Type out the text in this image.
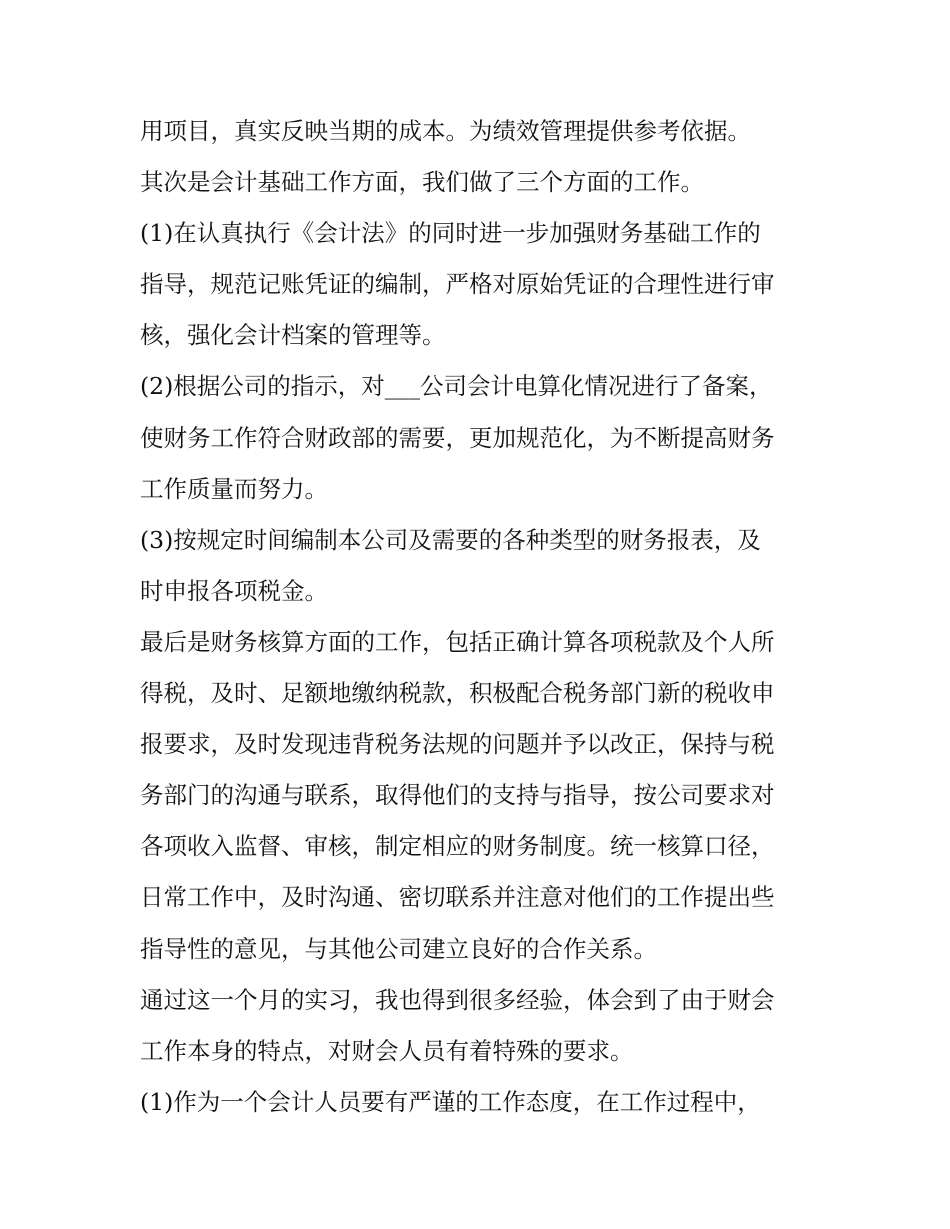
用项目，真实反映当期的成本。为绩效管理提供参考依据。
其次是会计基础工作方面，我们做了三个方面的工作。
(1)在认真执行《会计法》的同时进一步加强财务基础工作的
指导，规范记账凭证的编制，严格对原始凭证的合理性进行审
核，强化会计档案的管理等。
(2)根据公司的指示，对___公司会计电算化情况进行了备案，
使财务工作符合财政部的需要，更加规范化，为不断提高财务
工作质量而努力。
(3)按规定时间编制本公司及需要的各种类型的财务报表，及
时申报各项税金。
最后是财务核算方面的工作，包括正确计算各项税款及个人所
得税，及时、足额地缴纳税款，积极配合税务部门新的税收申
报要求，及时发现违背税务法规的问题并予以改正，保持与税
务部门的沟通与联系，取得他们的支持与指导，按公司要求对
各项收入监督、审核，制定相应的财务制度。统一核算口径，
日常工作中，及时沟通、密切联系并注意对他们的工作提出些
指导性的意见，与其他公司建立良好的合作关系。
通过这一个月的实习，我也得到很多经验，体会到了由于财会
工作本身的特点，对财会人员有着特殊的要求。
(1)作为一个会计人员要有严谨的工作态度，在工作过程中，
